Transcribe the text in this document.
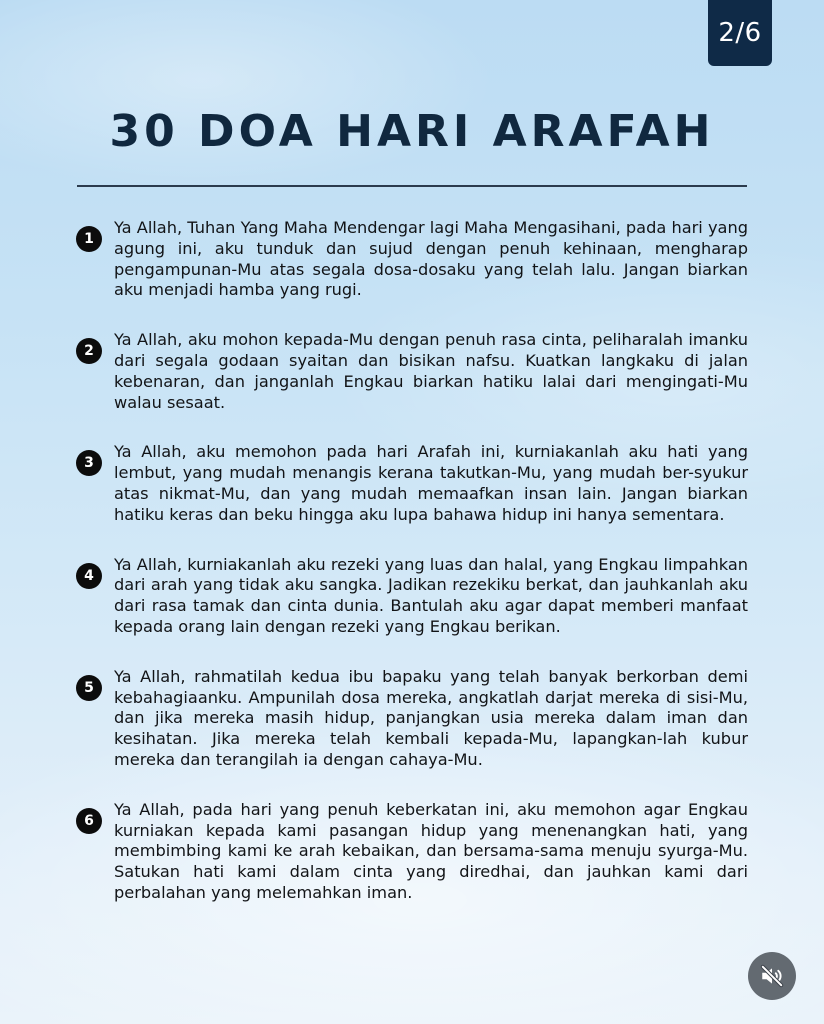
2/6
30 DOA HARI ARAFAH
1

Ya Allah, Tuhan Yang Maha Mendengar lagi Maha Mengasihani, pada hari yang agung ini, aku tunduk dan sujud dengan penuh kehinaan, mengharap pengampunan-Mu atas segala dosa-dosaku yang telah lalu. Jangan biarkan aku menjadi hamba yang rugi.

2

Ya Allah, aku mohon kepada-Mu dengan penuh rasa cinta, peliharalah imanku dari segala godaan syaitan dan bisikan nafsu. Kuatkan langkaku di jalan kebenaran, dan janganlah Engkau biarkan hatiku lalai dari mengingati-Mu walau sesaat.

3

Ya Allah, aku memohon pada hari Arafah ini, kurniakanlah aku hati yang lembut, yang mudah menangis kerana takutkan-Mu, yang mudah ber-syukur atas nikmat-Mu, dan yang mudah memaafkan insan lain. Jangan biarkan hatiku keras dan beku hingga aku lupa bahawa hidup ini hanya sementara.

4

Ya Allah, kurniakanlah aku rezeki yang luas dan halal, yang Engkau limpahkan dari arah yang tidak aku sangka. Jadikan rezekiku berkat, dan jauhkanlah aku dari rasa tamak dan cinta dunia. Bantulah aku agar dapat memberi manfaat kepada orang lain dengan rezeki yang Engkau berikan.

5

Ya Allah, rahmatilah kedua ibu bapaku yang telah banyak berkorban demi kebahagiaanku. Ampunilah dosa mereka, angkatlah darjat mereka di sisi-Mu, dan jika mereka masih hidup, panjangkan usia mereka dalam iman dan kesihatan. Jika mereka telah kembali kepada-Mu, lapangkan-lah kubur mereka dan terangilah ia dengan cahaya-Mu.

6

Ya Allah, pada hari yang penuh keberkatan ini, aku memohon agar Engkau kurniakan kepada kami pasangan hidup yang menenangkan hati, yang membimbing kami ke arah kebaikan, dan bersama-sama menuju syurga-Mu. Satukan hati kami dalam cinta yang diredhai, dan jauhkan kami dari perbalahan yang melemahkan iman.
